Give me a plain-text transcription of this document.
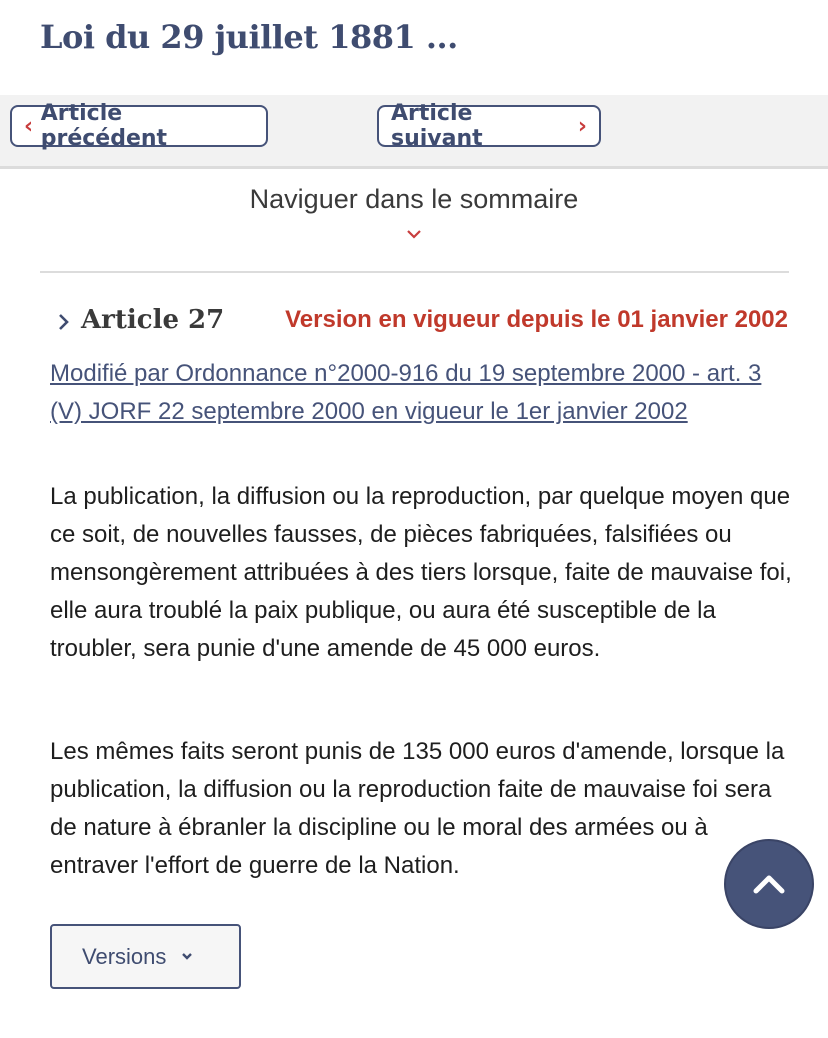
Loi du 29 juillet 1881 ...
‹
Article précédent
Article suivant
	›
Naviguer dans le sommaire
Article 27	Version en vigueur depuis le 01 janvier 2002
Modifié par Ordonnance n°2000-916 du 19 septembre 2000 - art. 3 (V) JORF 22 septembre 2000 en vigueur le 1er janvier 2002
La publication, la diffusion ou la reproduction, par quelque moyen que ce soit, de nouvelles fausses, de pièces fabriquées, falsifiées ou mensongèrement attribuées à des tiers lorsque, faite de mauvaise foi, elle aura troublé la paix publique, ou aura été susceptible de la troubler, sera punie d'une amende de 45 000 euros.
Les mêmes faits seront punis de 135 000 euros d'amende, lorsque la publication, la diffusion ou la reproduction faite de mauvaise foi sera de nature à ébranler la discipline ou le moral des armées ou à entraver l'effort de guerre de la Nation.
Versions
